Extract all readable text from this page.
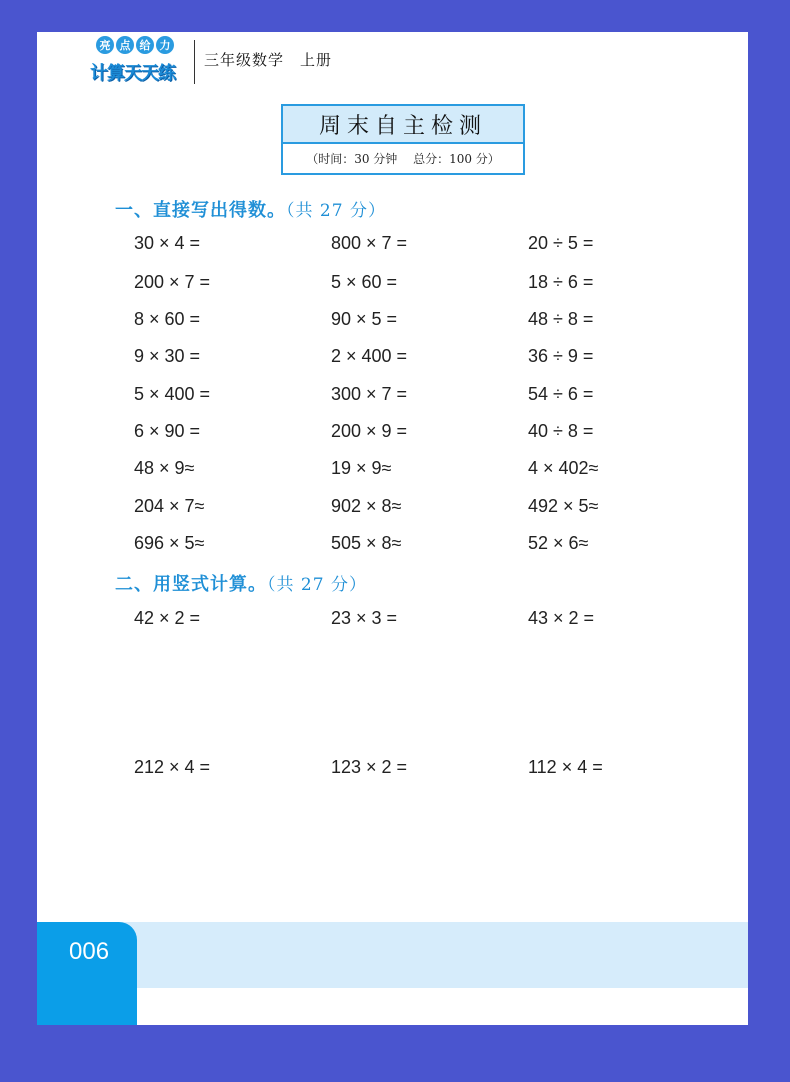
亮 点 给 力
计算天天练
三年级数学　上册
周末自主检测
（时间：30 分钟　 总分：100 分）
一、直接写出得数。（共 27 分）
30 × 4 =	800 × 7 =	20 ÷ 5 =
200 × 7 =	5 × 60 =	18 ÷ 6 =
8 × 60 =	90 × 5 =	48 ÷ 8 =
9 × 30 =	2 × 400 =	36 ÷ 9 =
5 × 400 =	300 × 7 =	54 ÷ 6 =
6 × 90 =	200 × 9 =	40 ÷ 8 =
48 × 9≈	19 × 9≈	4 × 402≈
204 × 7≈	902 × 8≈	492 × 5≈
696 × 5≈	505 × 8≈	52 × 6≈
二、用竖式计算。（共 27 分）
42 × 2 =	23 × 3 =	43 × 2 =
212 × 4 =	123 × 2 =	112 × 4 =
006
